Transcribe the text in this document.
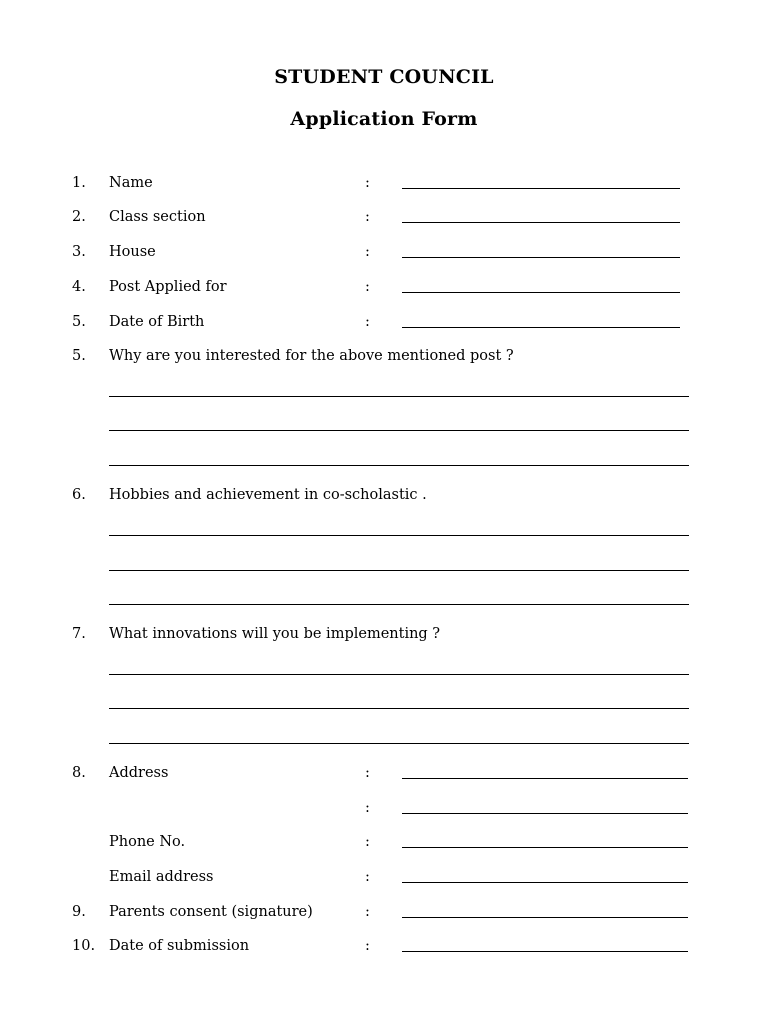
STUDENT COUNCIL
Application Form
1. Name	:
2. Class section	:
3. House	:
4. Post Applied for	:
5. Date of Birth	:
5. Why are you interested for the above mentioned post ?
6. Hobbies and achievement in co-scholastic .
7. What innovations will you be implementing ?
8. Address	:
:
Phone No.	:
Email address	:
9. Parents consent (signature)	:
10. Date of submission	:
